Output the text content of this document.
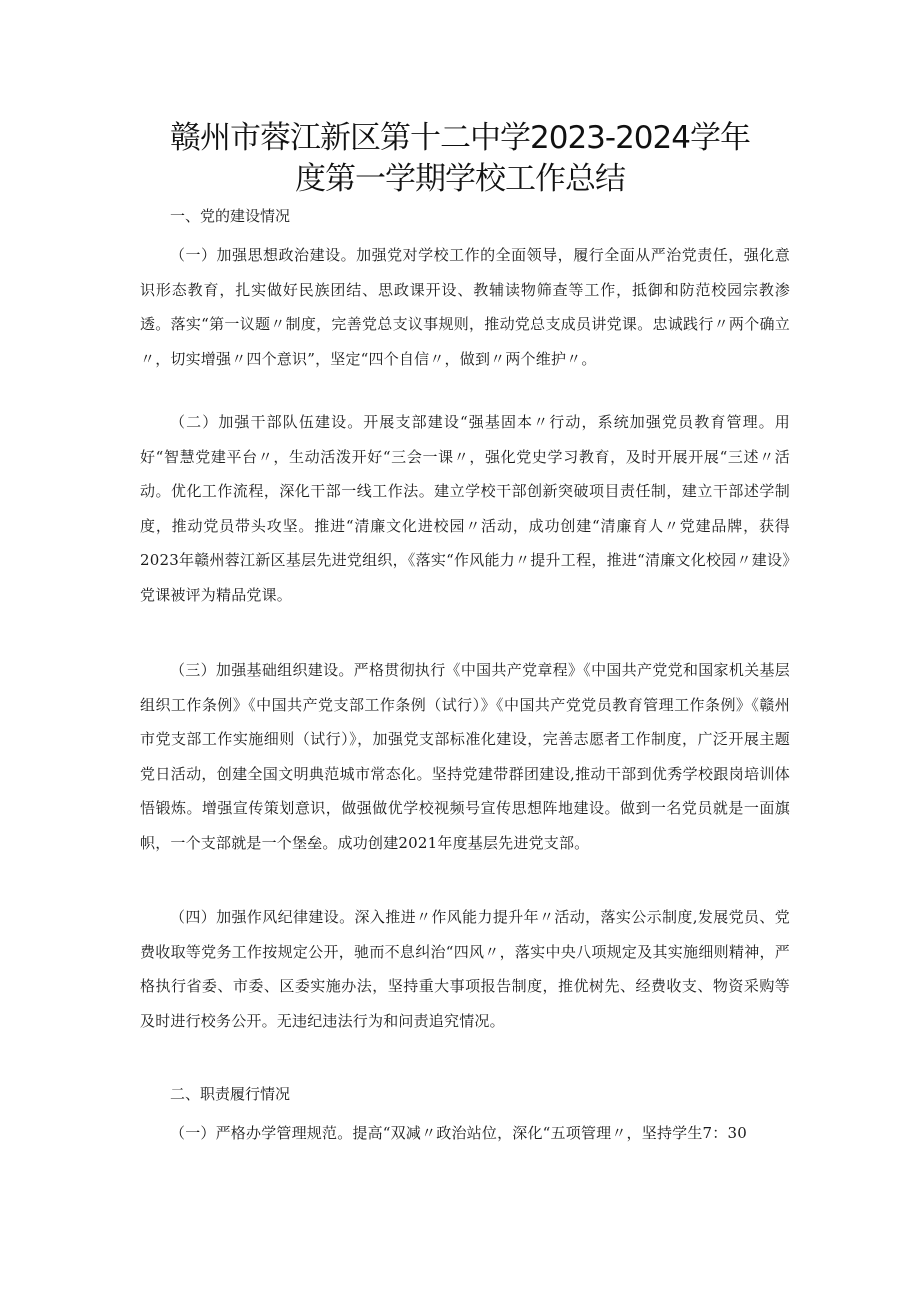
赣州市蓉江新区第十二中学2023-2024学年
度第一学期学校工作总结
一、党的建设情况

（一）加强思想政治建设。加强党对学校工作的全面领导，履行全面从严治党责任，强化意识形态教育，扎实做好民族团结、思政课开设、教辅读物筛查等工作，抵御和防范校园宗教渗透。落实“第一议题〃制度，完善党总支议事规则，推动党总支成员讲党课。忠诚践行〃两个确立〃，切实增强〃四个意识”，坚定“四个自信〃，做到〃两个维护〃。

（二）加强干部队伍建设。开展支部建设“强基固本〃行动，系统加强党员教育管理。用好“智慧党建平台〃，生动活泼开好“三会一课〃，强化党史学习教育，及时开展开展“三述〃活动。优化工作流程，深化干部一线工作法。建立学校干部创新突破项目责任制，建立干部述学制度，推动党员带头攻坚。推进“清廉文化进校园〃活动，成功创建“清廉育人〃党建品牌，获得2023年赣州蓉江新区基层先进党组织，《落实“作风能力〃提升工程，推进“清廉文化校园〃建设》党课被评为精品党课。

（三）加强基础组织建设。严格贯彻执行《中国共产党章程》《中国共产党党和国家机关基层组织工作条例》《中国共产党支部工作条例（试行）》《中国共产党党员教育管理工作条例》《赣州市党支部工作实施细则（试行）》，加强党支部标准化建设，完善志愿者工作制度，广泛开展主题党日活动，创建全国文明典范城市常态化。坚持党建带群团建设,推动干部到优秀学校跟岗培训体悟锻炼。增强宣传策划意识，做强做优学校视频号宣传思想阵地建设。做到一名党员就是一面旗帜，一个支部就是一个堡垒。成功创建2021年度基层先进党支部。

（四）加强作风纪律建设。深入推进〃作风能力提升年〃活动，落实公示制度,发展党员、党费收取等党务工作按规定公开，驰而不息纠治“四风〃，落实中央八项规定及其实施细则精神，严格执行省委、市委、区委实施办法，坚持重大事项报告制度，推优树先、经费收支、物资采购等及时进行校务公开。无违纪违法行为和问责追究情况。

二、职责履行情况

（一）严格办学管理规范。提高“双减〃政治站位，深化“五项管理〃，坚持学生7：30
